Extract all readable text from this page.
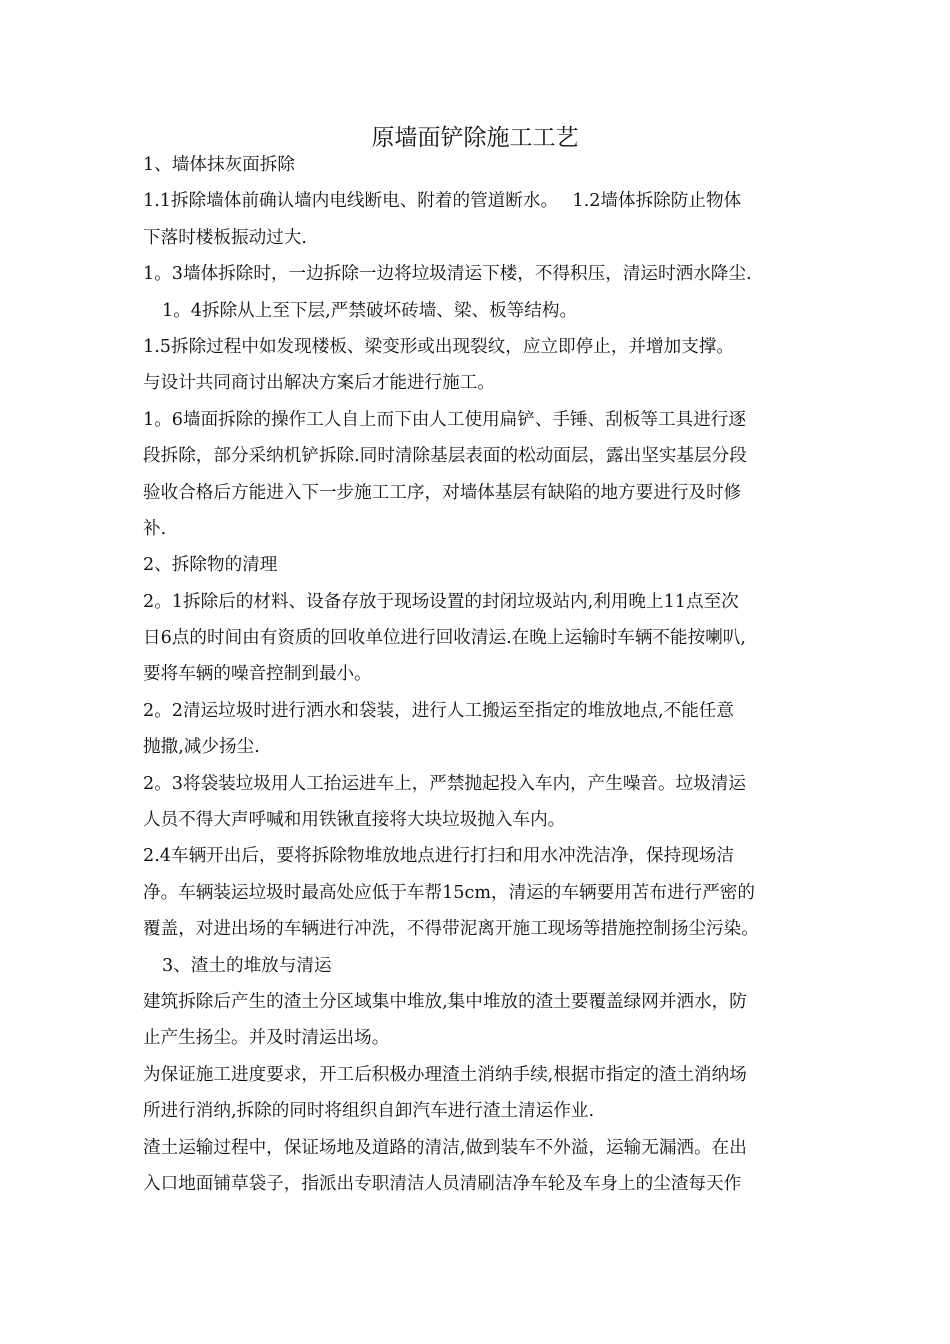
原墙面铲除施工工艺
1、墙体抹灰面拆除
1.1拆除墙体前确认墙内电线断电、附着的管道断水。　 1.2墙体拆除防止物体
下落时楼板振动过大.
1。3墙体拆除时，一边拆除一边将垃圾清运下楼，不得积压，清运时洒水降尘.
1。4拆除从上至下层,严禁破坏砖墙、梁、板等结构。
1.5拆除过程中如发现楼板、梁变形或出现裂纹，应立即停止，并增加支撑。
与设计共同商讨出解决方案后才能进行施工。
1。6墙面拆除的操作工人自上而下由人工使用扁铲、手锤、刮板等工具进行逐
段拆除，部分采纳机铲拆除.同时清除基层表面的松动面层，露出坚实基层分段
验收合格后方能进入下一步施工工序，对墙体基层有缺陷的地方要进行及时修
补.
2、拆除物的清理
2。1拆除后的材料、设备存放于现场设置的封闭垃圾站内,利用晚上11点至次
日6点的时间由有资质的回收单位进行回收清运.在晚上运输时车辆不能按喇叭,
要将车辆的噪音控制到最小。
2。2清运垃圾时进行洒水和袋装，进行人工搬运至指定的堆放地点,不能任意
抛撒,减少扬尘.
2。3将袋装垃圾用人工抬运进车上，严禁抛起投入车内，产生噪音。垃圾清运
人员不得大声呼喊和用铁锹直接将大块垃圾抛入车内。
2.4车辆开出后，要将拆除物堆放地点进行打扫和用水冲洗洁净，保持现场洁
净。车辆装运垃圾时最高处应低于车帮15cm，清运的车辆要用苫布进行严密的
覆盖，对进出场的车辆进行冲洗，不得带泥离开施工现场等措施控制扬尘污染。
3、渣土的堆放与清运
建筑拆除后产生的渣土分区域集中堆放,集中堆放的渣土要覆盖绿网并洒水，防
止产生扬尘。并及时清运出场。
为保证施工进度要求，开工后积极办理渣土消纳手续,根据市指定的渣土消纳场
所进行消纳,拆除的同时将组织自卸汽车进行渣土清运作业.
渣土运输过程中，保证场地及道路的清洁,做到装车不外溢，运输无漏洒。在出
入口地面铺草袋子，指派出专职清洁人员清刷洁净车轮及车身上的尘渣每天作
